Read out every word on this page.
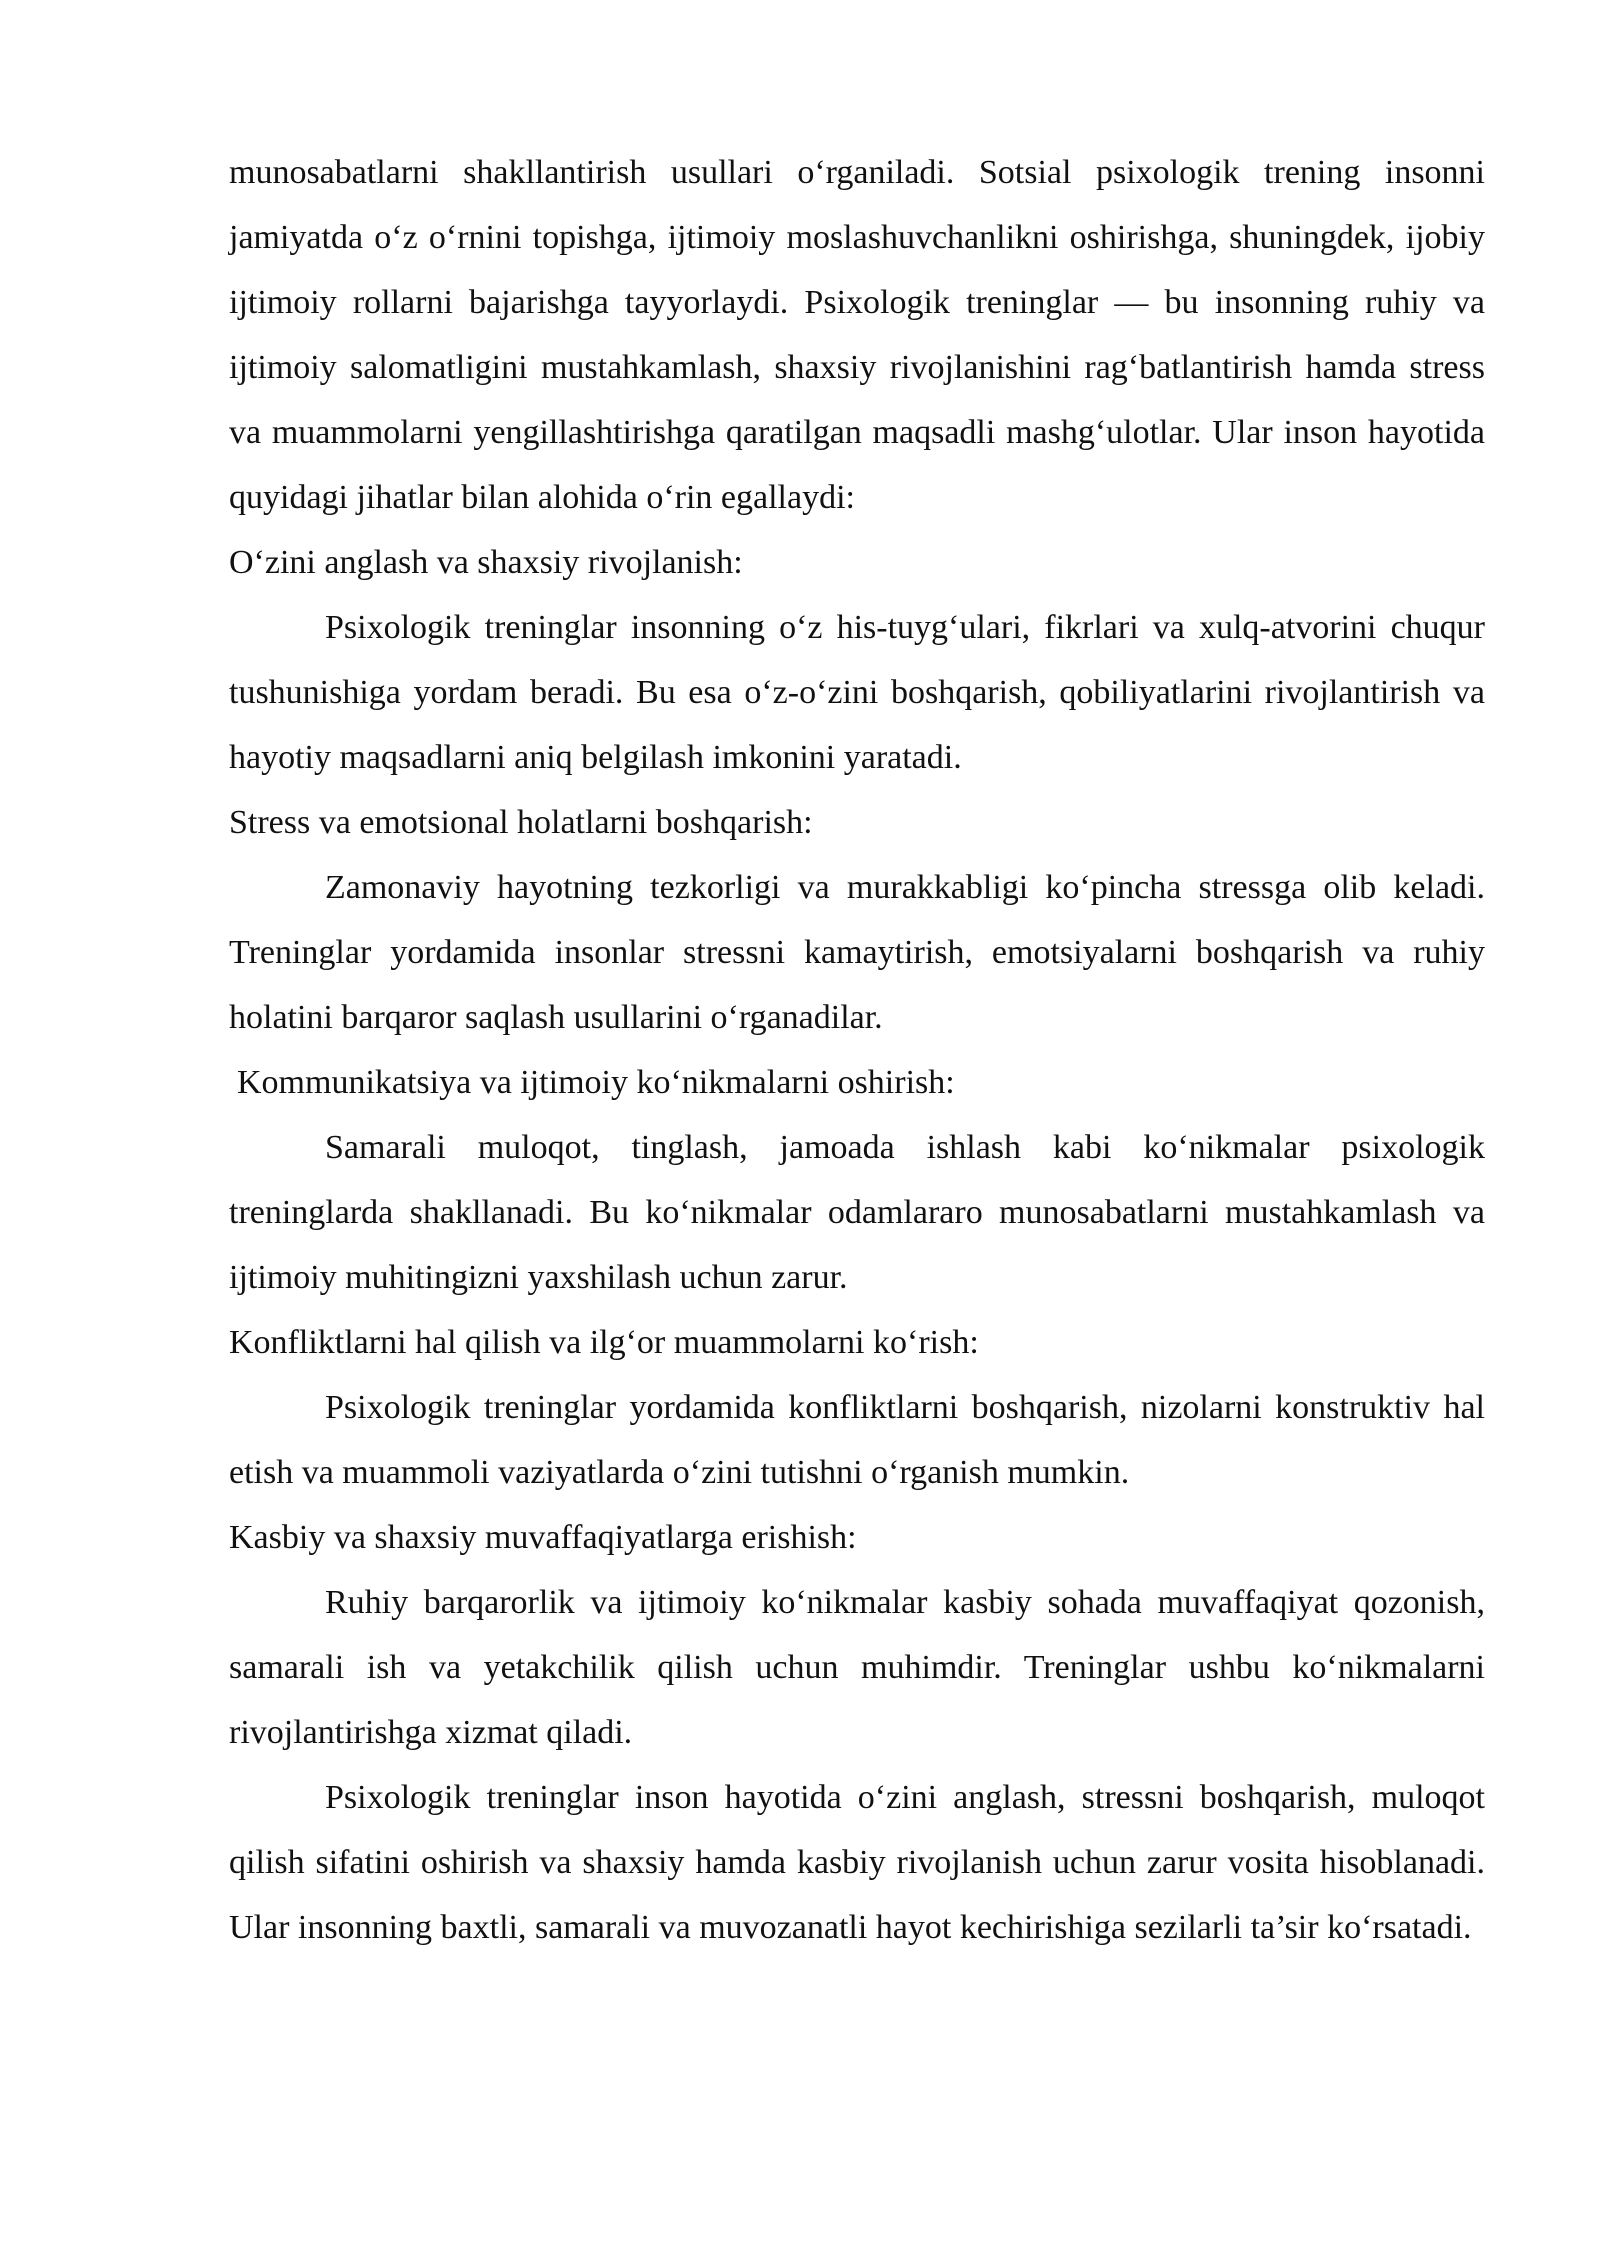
munosabatlarni shakllantirish usullari o‘rganiladi. Sotsial psixologik trening insonni jamiyatda o‘z o‘rnini topishga, ijtimoiy moslashuvchanlikni oshirishga, shuningdek, ijobiy ijtimoiy rollarni bajarishga tayyorlaydi. Psixologik treninglar — bu insonning ruhiy va ijtimoiy salomatligini mustahkamlash, shaxsiy rivojlanishini rag‘batlantirish hamda stress va muammolarni yengillashtirishga qaratilgan maqsadli mashg‘ulotlar. Ular inson hayotida quyidagi jihatlar bilan alohida o‘rin egallaydi:

O‘zini anglash va shaxsiy rivojlanish:

Psixologik treninglar insonning o‘z his-tuyg‘ulari, fikrlari va xulq-atvorini chuqur tushunishiga yordam beradi. Bu esa o‘z-o‘zini boshqarish, qobiliyatlarini rivojlantirish va hayotiy maqsadlarni aniq belgilash imkonini yaratadi.

Stress va emotsional holatlarni boshqarish:

Zamonaviy hayotning tezkorligi va murakkabligi ko‘pincha stressga olib keladi. Treninglar yordamida insonlar stressni kamaytirish, emotsiyalarni boshqarish va ruhiy holatini barqaror saqlash usullarini o‘rganadilar.

Kommunikatsiya va ijtimoiy ko‘nikmalarni oshirish:

Samarali muloqot, tinglash, jamoada ishlash kabi ko‘nikmalar psixologik treninglarda shakllanadi. Bu ko‘nikmalar odamlararo munosabatlarni mustahkamlash va ijtimoiy muhitingizni yaxshilash uchun zarur.

Konfliktlarni hal qilish va ilg‘or muammolarni ko‘rish:

Psixologik treninglar yordamida konfliktlarni boshqarish, nizolarni konstruktiv hal etish va muammoli vaziyatlarda o‘zini tutishni o‘rganish mumkin.

Kasbiy va shaxsiy muvaffaqiyatlarga erishish:

Ruhiy barqarorlik va ijtimoiy ko‘nikmalar kasbiy sohada muvaffaqiyat qozonish, samarali ish va yetakchilik qilish uchun muhimdir. Treninglar ushbu ko‘nikmalarni rivojlantirishga xizmat qiladi.

Psixologik treninglar inson hayotida o‘zini anglash, stressni boshqarish, muloqot qilish sifatini oshirish va shaxsiy hamda kasbiy rivojlanish uchun zarur vosita hisoblanadi. Ular insonning baxtli, samarali va muvozanatli hayot kechirishiga sezilarli ta’sir ko‘rsatadi.
